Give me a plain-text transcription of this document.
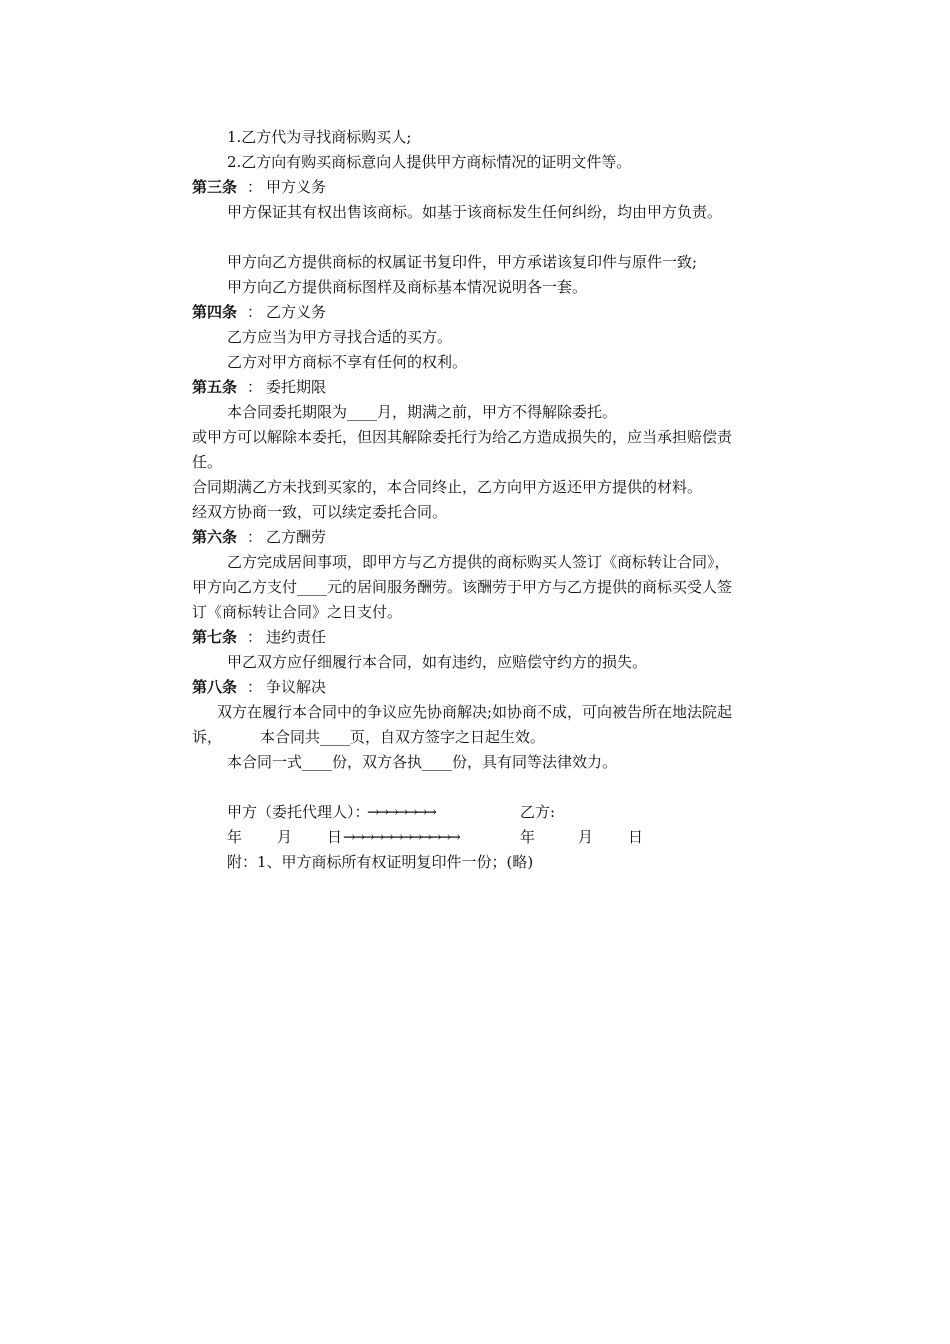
1.乙方代为寻找商标购买人;
2.乙方向有购买商标意向人提供甲方商标情况的证明文件等。
第三条 ： 甲方义务
甲方保证其有权出售该商标。如基于该商标发生任何纠纷，均由甲方负责。
甲方向乙方提供商标的权属证书复印件，甲方承诺该复印件与原件一致;
甲方向乙方提供商标图样及商标基本情况说明各一套。
第四条 ： 乙方义务
乙方应当为甲方寻找合适的买方。
乙方对甲方商标不享有任何的权利。
第五条 ： 委托期限
本合同委托期限为____月，期满之前，甲方不得解除委托。
或甲方可以解除本委托，但因其解除委托行为给乙方造成损失的，应当承担赔偿责
任。
合同期满乙方未找到买家的，本合同终止，乙方向甲方返还甲方提供的材料。
经双方协商一致，可以续定委托合同。
第六条 ： 乙方酬劳
乙方完成居间事项，即甲方与乙方提供的商标购买人签订《商标转让合同》，
甲方向乙方支付____元的居间服务酬劳。该酬劳于甲方与乙方提供的商标买受人签
订《商标转让合同》之日支付。
第七条 ： 违约责任
甲乙双方应仔细履行本合同，如有违约，应赔偿守约方的损失。
第八条 ： 争议解决
双方在履行本合同中的争议应先协商解决;如协商不成，可向被告所在地法院起
诉，	本合同共____页，自双方签字之日起生效。
本合同一式____份，双方各执____份，具有同等法律效力。
甲方（委托代理人）：
→→→→→→→	乙方:
年 月 日 →→→→→→→→→→→→	年	月 日
附：1、甲方商标所有权证明复印件一份；(略)
